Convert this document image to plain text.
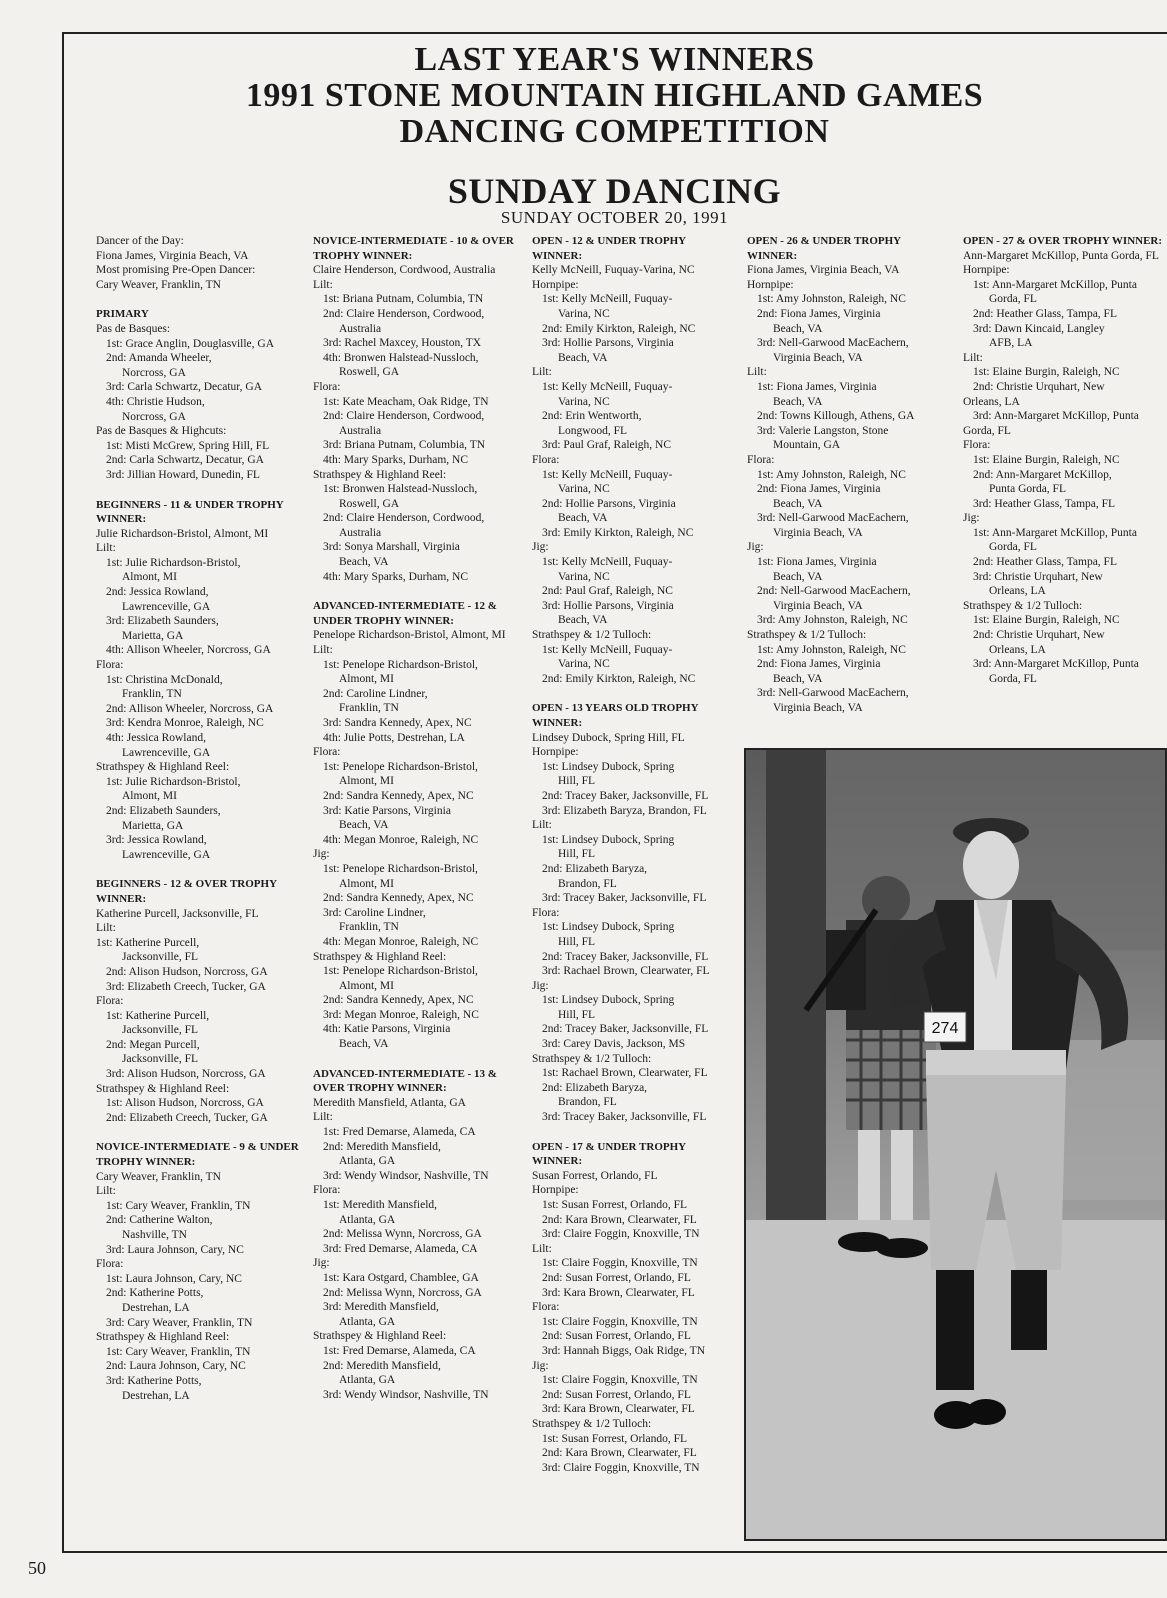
LAST YEAR'S WINNERS
1991 STONE MOUNTAIN HIGHLAND GAMES
DANCING COMPETITION
SUNDAY DANCING
SUNDAY OCTOBER 20, 1991
Dancer of the Day:
Fiona James, Virginia Beach, VA
Most promising Pre-Open Dancer:
Cary Weaver, Franklin, TN
PRIMARY
Pas de Basques:
1st: Grace Anglin, Douglasville, GA
2nd: Amanda Wheeler,
Norcross, GA
3rd: Carla Schwartz, Decatur, GA
4th: Christie Hudson,
Norcross, GA
Pas de Basques & Highcuts:
1st: Misti McGrew, Spring Hill, FL
2nd: Carla Schwartz, Decatur, GA
3rd: Jillian Howard, Dunedin, FL
BEGINNERS - 11 & UNDER TROPHY WINNER:
Julie Richardson-Bristol, Almont, MI
Lilt:
1st: Julie Richardson-Bristol,
Almont, MI
2nd: Jessica Rowland,
Lawrenceville, GA
3rd: Elizabeth Saunders,
Marietta, GA
4th: Allison Wheeler, Norcross, GA
Flora:
1st: Christina McDonald,
Franklin, TN
2nd: Allison Wheeler, Norcross, GA
3rd: Kendra Monroe, Raleigh, NC
4th: Jessica Rowland,
Lawrenceville, GA
Strathspey & Highland Reel:
1st: Julie Richardson-Bristol,
Almont, MI
2nd: Elizabeth Saunders,
Marietta, GA
3rd: Jessica Rowland,
Lawrenceville, GA
BEGINNERS - 12 & OVER TROPHY WINNER:
Katherine Purcell, Jacksonville, FL
Lilt:
1st: Katherine Purcell,
Jacksonville, FL
2nd: Alison Hudson, Norcross, GA
3rd: Elizabeth Creech, Tucker, GA
Flora:
1st: Katherine Purcell,
Jacksonville, FL
2nd: Megan Purcell,
Jacksonville, FL
3rd: Alison Hudson, Norcross, GA
Strathspey & Highland Reel:
1st: Alison Hudson, Norcross, GA
2nd: Elizabeth Creech, Tucker, GA
NOVICE-INTERMEDIATE - 9 & UNDER TROPHY WINNER:
Cary Weaver, Franklin, TN
Lilt:
1st: Cary Weaver, Franklin, TN
2nd: Catherine Walton,
Nashville, TN
3rd: Laura Johnson, Cary, NC
Flora:
1st: Laura Johnson, Cary, NC
2nd: Katherine Potts,
Destrehan, LA
3rd: Cary Weaver, Franklin, TN
Strathspey & Highland Reel:
1st: Cary Weaver, Franklin, TN
2nd: Laura Johnson, Cary, NC
3rd: Katherine Potts,
Destrehan, LA
NOVICE-INTERMEDIATE - 10 & OVER TROPHY WINNER:
Claire Henderson, Cordwood, Australia
Lilt:
1st: Briana Putnam, Columbia, TN
2nd: Claire Henderson, Cordwood,
Australia
3rd: Rachel Maxcey, Houston, TX
4th: Bronwen Halstead-Nussloch,
Roswell, GA
Flora:
1st: Kate Meacham, Oak Ridge, TN
2nd: Claire Henderson, Cordwood,
Australia
3rd: Briana Putnam, Columbia, TN
4th: Mary Sparks, Durham, NC
Strathspey & Highland Reel:
1st: Bronwen Halstead-Nussloch,
Roswell, GA
2nd: Claire Henderson, Cordwood,
Australia
3rd: Sonya Marshall, Virginia
Beach, VA
4th: Mary Sparks, Durham, NC
ADVANCED-INTERMEDIATE - 12 & UNDER TROPHY WINNER:
Penelope Richardson-Bristol, Almont, MI
Lilt:
1st: Penelope Richardson-Bristol,
Almont, MI
2nd: Caroline Lindner,
Franklin, TN
3rd: Sandra Kennedy, Apex, NC
4th: Julie Potts, Destrehan, LA
Flora:
1st: Penelope Richardson-Bristol,
Almont, MI
2nd: Sandra Kennedy, Apex, NC
3rd: Katie Parsons, Virginia
Beach, VA
4th: Megan Monroe, Raleigh, NC
Jig:
1st: Penelope Richardson-Bristol,
Almont, MI
2nd: Sandra Kennedy, Apex, NC
3rd: Caroline Lindner,
Franklin, TN
4th: Megan Monroe, Raleigh, NC
Strathspey & Highland Reel:
1st: Penelope Richardson-Bristol,
Almont, MI
2nd: Sandra Kennedy, Apex, NC
3rd: Megan Monroe, Raleigh, NC
4th: Katie Parsons, Virginia
Beach, VA
ADVANCED-INTERMEDIATE - 13 & OVER TROPHY WINNER:
Meredith Mansfield, Atlanta, GA
Lilt:
1st: Fred Demarse, Alameda, CA
2nd: Meredith Mansfield,
Atlanta, GA
3rd: Wendy Windsor, Nashville, TN
Flora:
1st: Meredith Mansfield,
Atlanta, GA
2nd: Melissa Wynn, Norcross, GA
3rd: Fred Demarse, Alameda, CA
Jig:
1st: Kara Ostgard, Chamblee, GA
2nd: Melissa Wynn, Norcross, GA
3rd: Meredith Mansfield,
Atlanta, GA
Strathspey & Highland Reel:
1st: Fred Demarse, Alameda, CA
2nd: Meredith Mansfield,
Atlanta, GA
3rd: Wendy Windsor, Nashville, TN
OPEN - 12 & UNDER TROPHY WINNER:
Kelly McNeill, Fuquay-Varina, NC
Hornpipe:
1st: Kelly McNeill, Fuquay-
Varina, NC
2nd: Emily Kirkton, Raleigh, NC
3rd: Hollie Parsons, Virginia
Beach, VA
Lilt:
1st: Kelly McNeill, Fuquay-
Varina, NC
2nd: Erin Wentworth,
Longwood, FL
3rd: Paul Graf, Raleigh, NC
Flora:
1st: Kelly McNeill, Fuquay-
Varina, NC
2nd: Hollie Parsons, Virginia
Beach, VA
3rd: Emily Kirkton, Raleigh, NC
Jig:
1st: Kelly McNeill, Fuquay-
Varina, NC
2nd: Paul Graf, Raleigh, NC
3rd: Hollie Parsons, Virginia
Beach, VA
Strathspey & 1/2 Tulloch:
1st: Kelly McNeill, Fuquay-
Varina, NC
2nd: Emily Kirkton, Raleigh, NC
OPEN - 13 YEARS OLD TROPHY WINNER:
Lindsey Dubock, Spring Hill, FL
Hornpipe:
1st: Lindsey Dubock, Spring
Hill, FL
2nd: Tracey Baker, Jacksonville, FL
3rd: Elizabeth Baryza, Brandon, FL
Lilt:
1st: Lindsey Dubock, Spring
Hill, FL
2nd: Elizabeth Baryza,
Brandon, FL
3rd: Tracey Baker, Jacksonville, FL
Flora:
1st: Lindsey Dubock, Spring
Hill, FL
2nd: Tracey Baker, Jacksonville, FL
3rd: Rachael Brown, Clearwater, FL
Jig:
1st: Lindsey Dubock, Spring
Hill, FL
2nd: Tracey Baker, Jacksonville, FL
3rd: Carey Davis, Jackson, MS
Strathspey & 1/2 Tulloch:
1st: Rachael Brown, Clearwater, FL
2nd: Elizabeth Baryza,
Brandon, FL
3rd: Tracey Baker, Jacksonville, FL
OPEN - 17 & UNDER TROPHY WINNER:
Susan Forrest, Orlando, FL
Hornpipe:
1st: Susan Forrest, Orlando, FL
2nd: Kara Brown, Clearwater, FL
3rd: Claire Foggin, Knoxville, TN
Lilt:
1st: Claire Foggin, Knoxville, TN
2nd: Susan Forrest, Orlando, FL
3rd: Kara Brown, Clearwater, FL
Flora:
1st: Claire Foggin, Knoxville, TN
2nd: Susan Forrest, Orlando, FL
3rd: Hannah Biggs, Oak Ridge, TN
Jig:
1st: Claire Foggin, Knoxville, TN
2nd: Susan Forrest, Orlando, FL
3rd: Kara Brown, Clearwater, FL
Strathspey & 1/2 Tulloch:
1st: Susan Forrest, Orlando, FL
2nd: Kara Brown, Clearwater, FL
3rd: Claire Foggin, Knoxville, TN
OPEN - 26 & UNDER TROPHY WINNER:
Fiona James, Virginia Beach, VA
Hornpipe:
1st: Amy Johnston, Raleigh, NC
2nd: Fiona James, Virginia
Beach, VA
3rd: Nell-Garwood MacEachern,
Virginia Beach, VA
Lilt:
1st: Fiona James, Virginia
Beach, VA
2nd: Towns Killough, Athens, GA
3rd: Valerie Langston, Stone
Mountain, GA
Flora:
1st: Amy Johnston, Raleigh, NC
2nd: Fiona James, Virginia
Beach, VA
3rd: Nell-Garwood MacEachern,
Virginia Beach, VA
Jig:
1st: Fiona James, Virginia
Beach, VA
2nd: Nell-Garwood MacEachern,
Virginia Beach, VA
3rd: Amy Johnston, Raleigh, NC
Strathspey & 1/2 Tulloch:
1st: Amy Johnston, Raleigh, NC
2nd: Fiona James, Virginia
Beach, VA
3rd: Nell-Garwood MacEachern,
Virginia Beach, VA
OPEN - 27 & OVER TROPHY WINNER:
Ann-Margaret McKillop, Punta Gorda, FL
Hornpipe:
1st: Ann-Margaret McKillop, Punta
Gorda, FL
2nd: Heather Glass, Tampa, FL
3rd: Dawn Kincaid, Langley
AFB, LA
Lilt:
1st: Elaine Burgin, Raleigh, NC
2nd: Christie Urquhart, New
Orleans, LA
3rd: Ann-Margaret McKillop, Punta
Gorda, FL
Flora:
1st: Elaine Burgin, Raleigh, NC
2nd: Ann-Margaret McKillop,
Punta Gorda, FL
3rd: Heather Glass, Tampa, FL
Jig:
1st: Ann-Margaret McKillop, Punta
Gorda, FL
2nd: Heather Glass, Tampa, FL
3rd: Christie Urquhart, New
Orleans, LA
Strathspey & 1/2 Tulloch:
1st: Elaine Burgin, Raleigh, NC
2nd: Christie Urquhart, New
Orleans, LA
3rd: Ann-Margaret McKillop, Punta
Gorda, FL
274
50
